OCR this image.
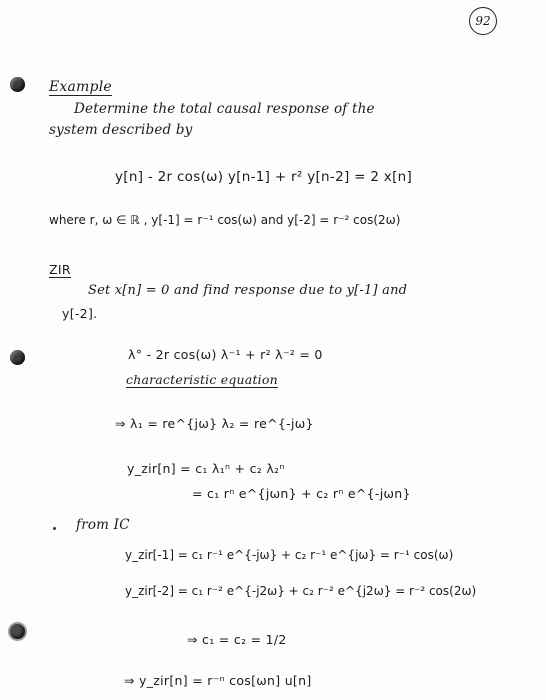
92
Example
Determine the total causal response of the
system described by
y[n] - 2r cos(ω) y[n-1] + r² y[n-2] = 2 x[n]
where r, ω ∈ ℝ , y[-1] = r⁻¹ cos(ω) and y[-2] = r⁻² cos(2ω)
ZIR
Set x[n] = 0 and find response due to y[-1] and
y[-2].
λ° - 2r cos(ω) λ⁻¹ + r² λ⁻² = 0
characteristic equation
⇒ λ₁ = re^{jω} λ₂ = re^{-jω}
y_zir[n] = c₁ λ₁ⁿ + c₂ λ₂ⁿ
= c₁ rⁿ e^{jωn} + c₂ rⁿ e^{-jωn}
from IC
y_zir[-1] = c₁ r⁻¹ e^{-jω} + c₂ r⁻¹ e^{jω} = r⁻¹ cos(ω)
y_zir[-2] = c₁ r⁻² e^{-j2ω} + c₂ r⁻² e^{j2ω} = r⁻² cos(2ω)
⇒ c₁ = c₂ = 1/2
⇒ y_zir[n] = r⁻ⁿ cos[ωn] u[n]
